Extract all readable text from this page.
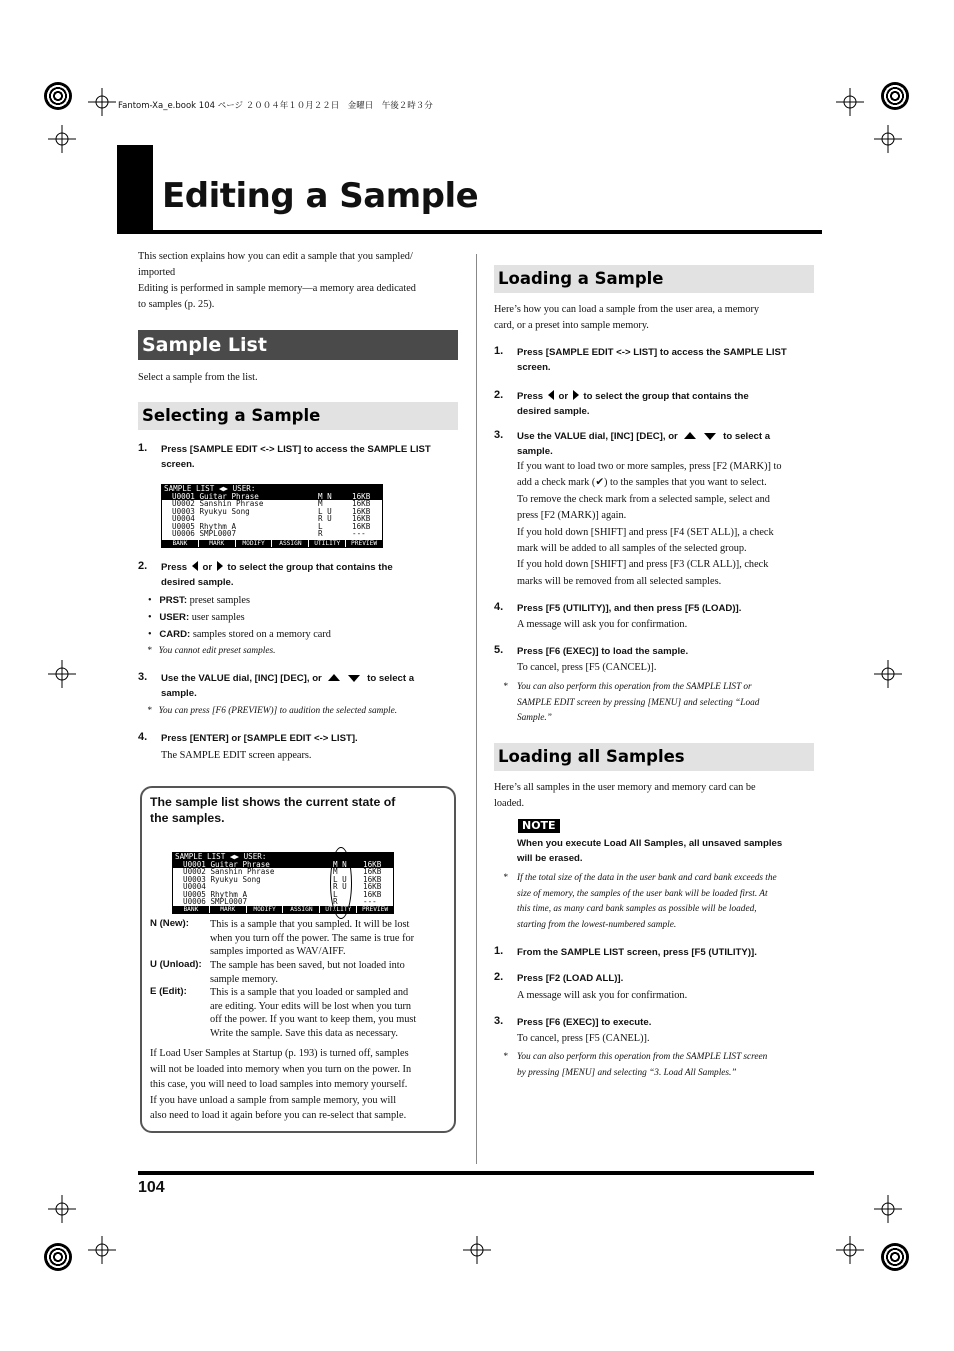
Fantom-Xa_e.book 104 ページ ２００４年１０月２２日　金曜日　午後２時３分
Editing a Sample
This section explains how you can edit a sample that you sampled/
imported
Editing is performed in sample memory—a memory area dedicated
to samples (p. 25).
Sample List
Select a sample from the list.
Selecting a Sample
1. Press [SAMPLE EDIT <-> LIST] to access the SAMPLE LIST
screen.
SAMPLE LIST ◀▶ USER:
U0001 Guitar Phrase	M N	16KB
U0002 Sanshin Phrase	M	16KB
U0003 Ryukyu Song	L U	16KB
U0004	R U	16KB
U0005 Rhythm A	L	16KB
U0006 SMPL0007	R	---
BANK	MARK	MODIFY	ASSIGN	UTILITY	PREVIEW
2. Press or to select the group that contains the
desired sample.
•   PRST: preset samples
•   USER: user samples
•   CARD: samples stored on a memory card
* You cannot edit preset samples.
3. Use the VALUE dial, [INC] [DEC], or	to select a
sample.
* You can press [F6 (PREVIEW)] to audition the selected sample.
4. Press [ENTER] or [SAMPLE EDIT <-> LIST].
The SAMPLE EDIT screen appears.
The sample list shows the current state of
the samples.
SAMPLE LIST ◀▶ USER:
U0001 Guitar Phrase	M N 16KB
U0002 Sanshin Phrase	M	16KB
U0003 Ryukyu Song	L U 16KB
U0004	R U 16KB
U0005 Rhythm A	L	16KB
U0006 SMPL0007	R	---
BANK	MARK	MODIFY	ASSIGN	UTILITY	PREVIEW
N (New): This is a sample that you sampled. It will be lost
when you turn off the power. The same is true for
samples imported as WAV/AIFF.
U (Unload): The sample has been saved, but not loaded into
sample memory.
E (Edit): This is a sample that you loaded or sampled and
are editing. Your edits will be lost when you turn
off the power. If you want to keep them, you must
Write the sample. Save this data as necessary.
If Load User Samples at Startup (p. 193) is turned off, samples
will not be loaded into memory when you turn on the power. In
this case, you will need to load samples into memory yourself.
If you have unload a sample from sample memory, you will
also need to load it again before you can re-select that sample.
Loading a Sample
Here’s how you can load a sample from the user area, a memory
card, or a preset into sample memory.
1. Press [SAMPLE EDIT <-> LIST] to access the SAMPLE LIST
screen.
2. Press or to select the group that contains the
desired sample.
3. Use the VALUE dial, [INC] [DEC], or	to select a
sample.
If you want to load two or more samples, press [F2 (MARK)] to
add a check mark (✔) to the samples that you want to select.
To remove the check mark from a selected sample, select and
press [F2 (MARK)] again.
If you hold down [SHIFT] and press [F4 (SET ALL)], a check
mark will be added to all samples of the selected group.
If you hold down [SHIFT] and press [F3 (CLR ALL)], check
marks will be removed from all selected samples.
4. Press [F5 (UTILITY)], and then press [F5 (LOAD)].
A message will ask you for confirmation.
5. Press [F6 (EXEC)] to load the sample.
To cancel, press [F5 (CANCEL)].
* You can also perform this operation from the SAMPLE LIST or
SAMPLE EDIT screen by pressing [MENU] and selecting “Load
Sample.”
Loading all Samples
Here’s all samples in the user memory and memory card can be
loaded.
NOTE
When you execute Load All Samples, all unsaved samples
will be erased.
* If the total size of the data in the user bank and card bank exceeds the
size of memory, the samples of the user bank will be loaded first. At
this time, as many card bank samples as possible will be loaded,
starting from the lowest-numbered sample.
1. From the SAMPLE LIST screen, press [F5 (UTILITY)].
2. Press [F2 (LOAD ALL)].
A message will ask you for confirmation.
3. Press [F6 (EXEC)] to execute.
To cancel, press [F5 (CANEL)].
* You can also perform this operation from the SAMPLE LIST screen
by pressing [MENU] and selecting “3. Load All Samples.”
104
